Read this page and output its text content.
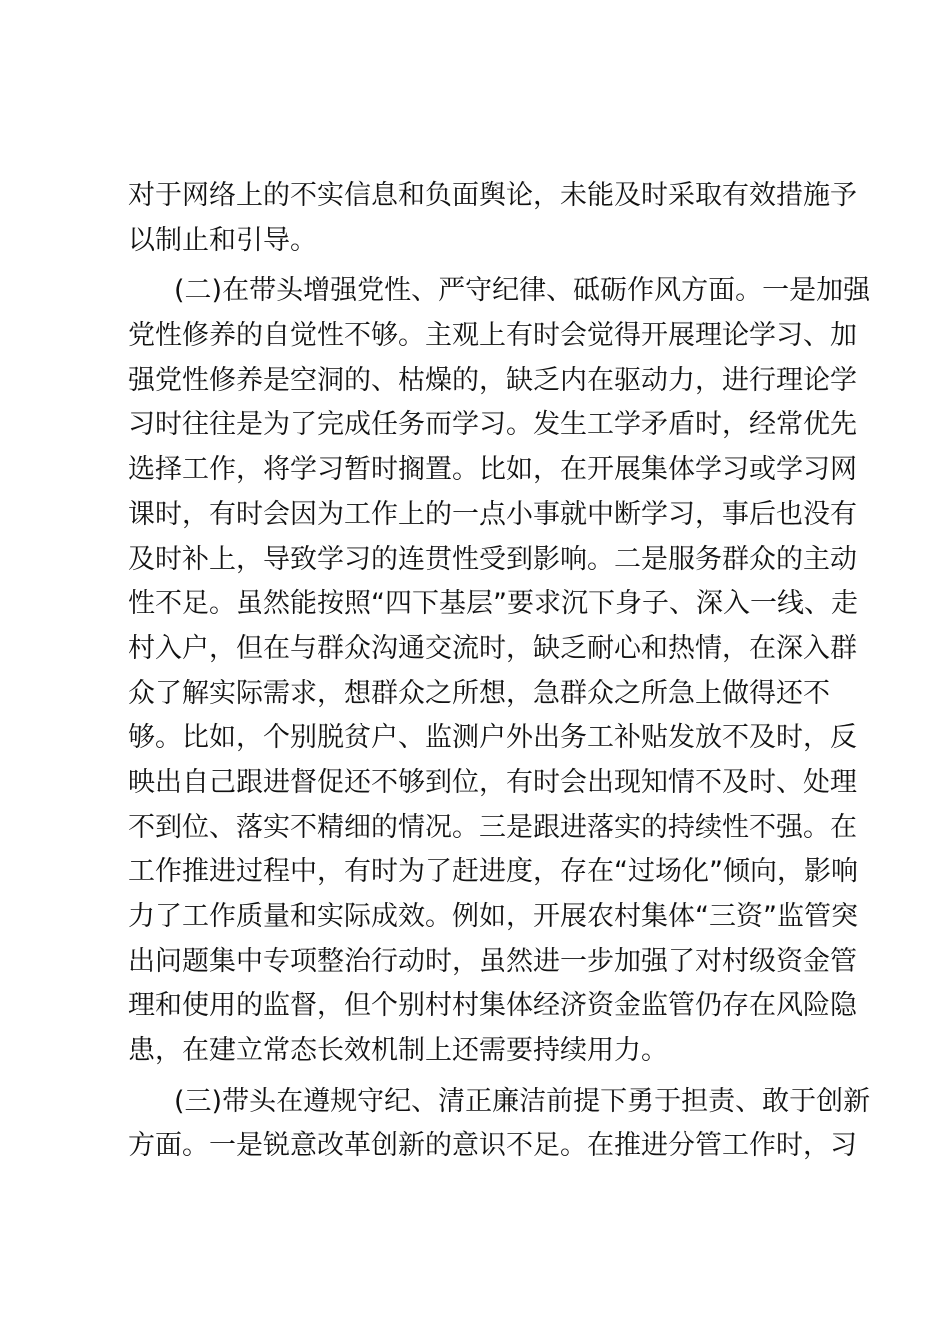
对于网络上的不实信息和负面舆论，未能及时采取有效措施予
以制止和引导。
(二)在带头增强党性、严守纪律、砥砺作风方面。一是加强
党性修养的自觉性不够。主观上有时会觉得开展理论学习、加
强党性修养是空洞的、枯燥的，缺乏内在驱动力，进行理论学
习时往往是为了完成任务而学习。发生工学矛盾时，经常优先
选择工作，将学习暂时搁置。比如，在开展集体学习或学习网
课时，有时会因为工作上的一点小事就中断学习，事后也没有
及时补上，导致学习的连贯性受到影响。二是服务群众的主动
性不足。虽然能按照“四下基层”要求沉下身子、深入一线、走
村入户，但在与群众沟通交流时，缺乏耐心和热情，在深入群
众了解实际需求，想群众之所想，急群众之所急上做得还不
够。比如，个别脱贫户、监测户外出务工补贴发放不及时，反
映出自己跟进督促还不够到位，有时会出现知情不及时、处理
不到位、落实不精细的情况。三是跟进落实的持续性不强。在
工作推进过程中，有时为了赶进度，存在“过场化”倾向，影响
力了工作质量和实际成效。例如，开展农村集体“三资”监管突
出问题集中专项整治行动时，虽然进一步加强了对村级资金管
理和使用的监督，但个别村村集体经济资金监管仍存在风险隐
患，在建立常态长效机制上还需要持续用力。
(三)带头在遵规守纪、清正廉洁前提下勇于担责、敢于创新
方面。一是锐意改革创新的意识不足。在推进分管工作时，习
